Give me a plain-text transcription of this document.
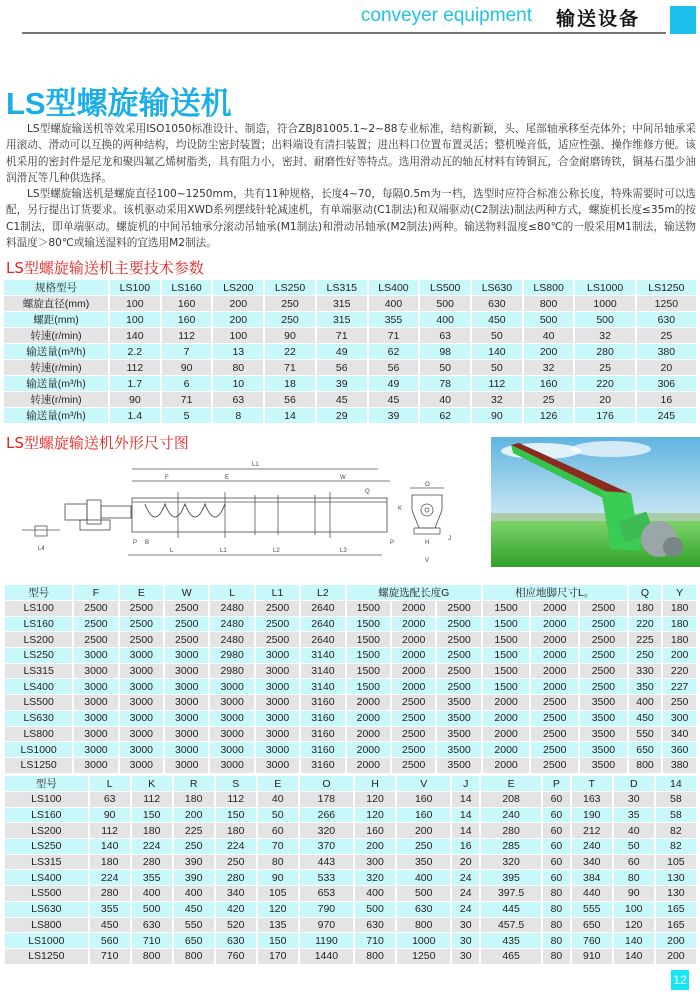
conveyer equipment 输送设备
LS型螺旋输送机

LS型螺旋输送机等效采用ISO1050标准设计、制造，符合ZBJ81005.1~2~88专业标准，结构新颖，头、尾部轴承移至壳体外；中间吊轴承采用滚动、滑动可以互换的两种结构，均设防尘密封装置；出料端设有清扫装置；进出料口位置布置灵活；整机噪音低，适应性强、操作维修方便。该机采用的密封件是尼龙和聚四氟乙烯树脂类，具有阻力小，密封、耐磨性好等特点。选用滑动瓦的轴瓦材料有铸铜瓦，合金耐磨铸铁，铜基石墨少油润滑瓦等几种供选择。

LS型螺旋输送机是螺旋直径100~1250mm，共有11种规格，长度4~70，每隔0.5m为一档，选型时应符合标准公称长度，特殊需要时可以选配，另行提出订货要求。该机驱动采用XWD系列摆线针轮减速机，有单端驱动(C1制法)和双端驱动(C2制法)制法两种方式，螺旋机长度≤35m的按C1制法，即单端驱动。螺旋机的中间吊轴承分滚动吊轴承(M1制法)和滑动吊轴承(M2制法)两种。输送物料温度≤80℃的一般采用M1制法，输送物料温度＞80℃或输送湿料的宜选用M2制法。

LS型螺旋输送机主要技术参数
规格型号	LS100	LS160	LS200	LS250	LS315	LS400	LS500	LS630	LS800	LS1000	LS1250
螺旋直径(mm)	100	160	200	250	315	400	500	630	800	1000	1250
螺距(mm)	100	160	200	250	315	355	400	450	500	500	630
转速(r/min)	140	112	100	90	71	71	63	50	40	32	25
输送量(m³/h)	2.2	7	13	22	49	62	98	140	200	280	380
转速(r/min)	112	90	80	71	56	56	50	50	32	25	20
输送量(m³/h)	1.7	6	10	18	39	49	78	112	160	220	306
转速(r/min)	90	71	63	56	45	45	40	32	25	20	16
输送量(m³/h)	1.4	5	8	14	29	39	62	90	126	176	245
LS型螺旋输送机外形尺寸图
L1
F	E	W
Q
L4	L	L1	L2	L3
P B	P
K
O
H
V
J
型号	F	E	W	L	L1	L2	螺旋选配长度G			相应地脚尺寸L。			Q	Y
LS100	2500	2500	2500	2480	2500	2640	1500	2000	2500	1500	2000	2500	180	180
LS160	2500	2500	2500	2480	2500	2640	1500	2000	2500	1500	2000	2500	220	180
LS200	2500	2500	2500	2480	2500	2640	1500	2000	2500	1500	2000	2500	225	180
LS250	3000	3000	3000	2980	3000	3140	1500	2000	2500	1500	2000	2500	250	200
LS315	3000	3000	3000	2980	3000	3140	1500	2000	2500	1500	2000	2500	330	220
LS400	3000	3000	3000	3000	3000	3140	1500	2000	2500	1500	2000	2500	350	227
LS500	3000	3000	3000	3000	3000	3160	2000	2500	3500	2000	2500	3500	400	250
LS630	3000	3000	3000	3000	3000	3160	2000	2500	3500	2000	2500	3500	450	300
LS800	3000	3000	3000	3000	3000	3160	2000	2500	3500	2000	2500	3500	550	340
LS1000	3000	3000	3000	3000	3000	3160	2000	2500	3500	2000	2500	3500	650	360
LS1250	3000	3000	3000	3000	3000	3160	2000	2500	3500	2000	2500	3500	800	380
型号	L	K	R	S	E	O	H	V	J	E	P	T	D	14
LS100	63	112	180	112	40	178	120	160	14	208	60	163	30	58
LS160	90	150	200	150	50	266	120	160	14	240	60	190	35	58
LS200	112	180	225	180	60	320	160	200	14	280	60	212	40	82
LS250	140	224	250	224	70	370	200	250	16	285	60	240	50	82
LS315	180	280	390	250	80	443	300	350	20	320	60	340	60	105
LS400	224	355	390	280	90	533	320	400	24	395	60	384	80	130
LS500	280	400	400	340	105	653	400	500	24	397.5	80	440	90	130
LS630	355	500	450	420	120	790	500	630	24	445	80	555	100	165
LS800	450	630	550	520	135	970	630	800	30	457.5	80	650	120	165
LS1000	560	710	650	630	150	1190	710	1000	30	435	80	760	140	200
LS1250	710	800	800	760	170	1440	800	1250	30	465	80	910	140	200
12
